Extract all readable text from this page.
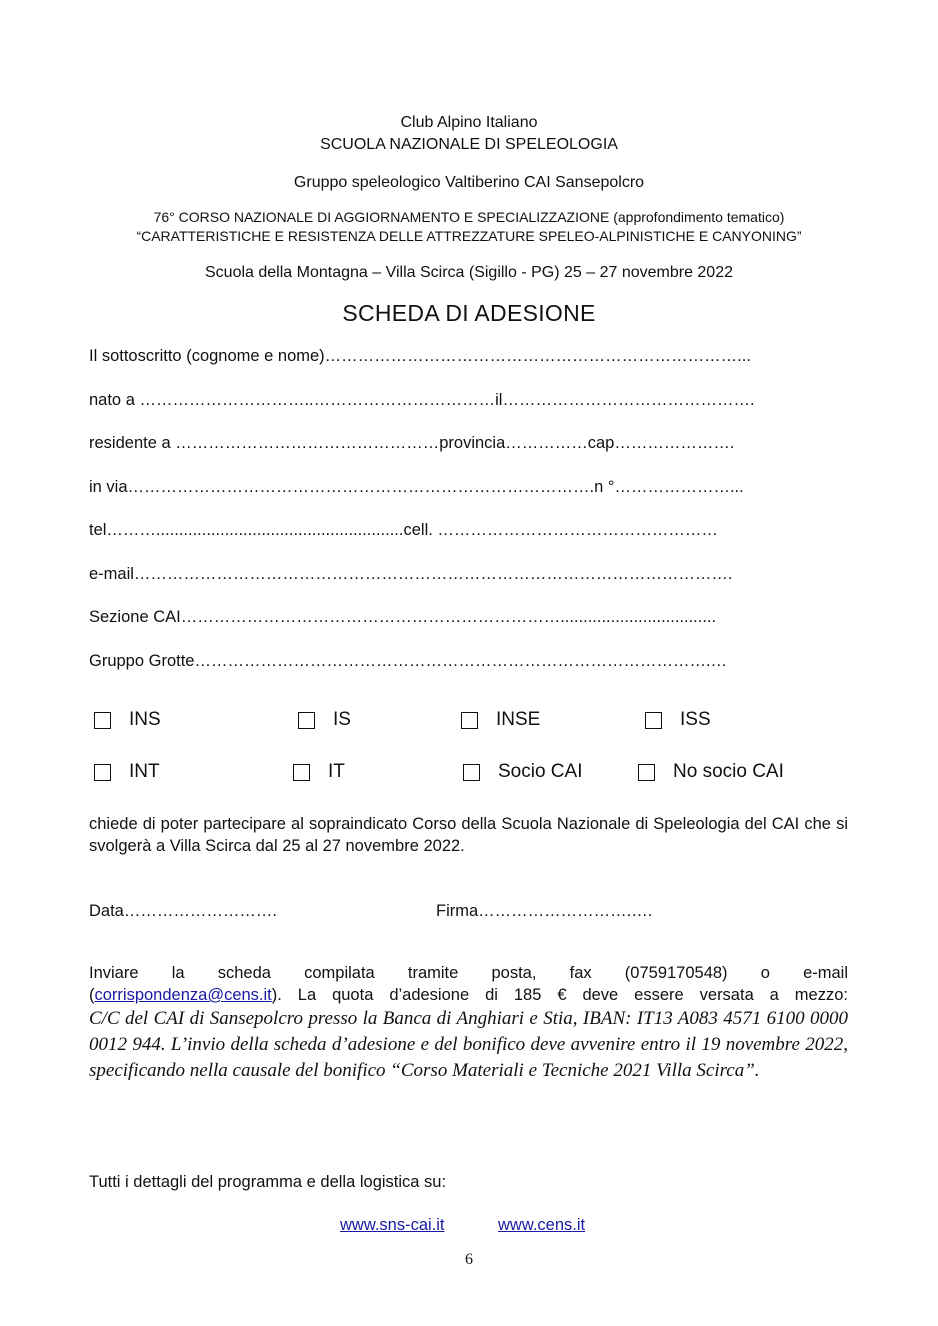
Club Alpino Italiano
SCUOLA NAZIONALE DI SPELEOLOGIA
Gruppo speleologico Valtiberino CAI Sansepolcro
76° CORSO NAZIONALE DI AGGIORNAMENTO E SPECIALIZZAZIONE (approfondimento tematico)
“CARATTERISTICHE E RESISTENZA DELLE ATTREZZATURE SPELEO-ALPINISTICHE E CANYONING”
Scuola della Montagna – Villa Scirca (Sigillo - PG) 25 – 27 novembre 2022
SCHEDA DI ADESIONE
Il sottoscritto (cognome e nome)…………………………………………………………………...
nato a …………………………..……………………………il……………………………………….
residente a …………………………………………provincia……………cap………………….
in via………………………………………………………………………….n °…………………...
tel………......................................................cell. ……………………………………………
e-mail……………………………………………………………………………………………….
Sezione CAI……………………………………………………………..................................
Gruppo Grotte………………………………………………………………………………….…
INS	IS	INSE	ISS
INT	IT	Socio CAI	No socio CAI
chiede di poter partecipare al sopraindicato Corso della Scuola Nazionale di Speleologia del CAI che si svolgerà a Villa Scirca dal 25 al 27 novembre 2022.
Data……………………….	Firma……………………….….
Inviare la scheda compilata tramite posta, fax (0759170548) o e-mail
(corrispondenza@cens.it). La quota d’adesione di 185 € deve essere versata a mezzo:
C/C del CAI di Sansepolcro presso la Banca di Anghiari e Stia, IBAN: IT13 A083 4571 6100 0000 0012 944. L’invio della scheda d’adesione e del bonifico deve avvenire entro il 19 novembre 2022, specificando nella causale del bonifico “Corso Materiali e Tecniche 2021 Villa Scirca”.
Tutti i dettagli del programma e della logistica su:
www.sns-cai.it	www.cens.it
6
